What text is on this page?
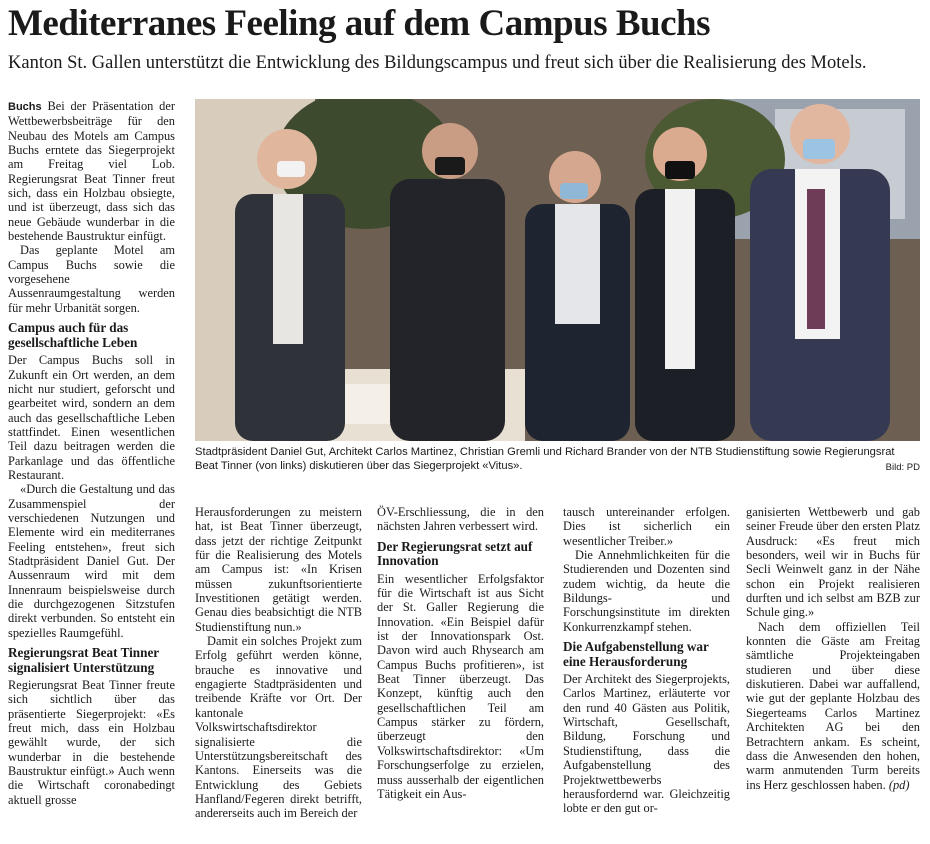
Mediterranes Feeling auf dem Campus Buchs
Kanton St. Gallen unterstützt die Entwicklung des Bildungscampus und freut sich über die Realisierung des Motels.

Buchs Bei der Präsentation der Wettbewerbsbeiträge für den Neubau des Motels am Campus Buchs erntete das Siegerprojekt am Freitag viel Lob. Regierungsrat Beat Tinner freut sich, dass ein Holzbau obsiegte, und ist überzeugt, dass sich das neue Gebäude wunderbar in die bestehende Baustruktur einfügt.

Das geplante Motel am Campus Buchs sowie die vorgesehene Aussenraumgestaltung werden für mehr Urbanität sorgen.

Campus auch für das gesellschaftliche Leben

Der Campus Buchs soll in Zukunft ein Ort werden, an dem nicht nur studiert, geforscht und gearbeitet wird, sondern an dem auch das gesellschaftliche Leben stattfindet. Einen wesentlichen Teil dazu beitragen werden die Parkanlage und das öffentliche Restaurant.

«Durch die Gestaltung und das Zusammenspiel der verschiedenen Nutzungen und Elemente wird ein mediterranes Feeling entstehen», freut sich Stadtpräsident Daniel Gut. Der Aussenraum wird mit dem Innenraum beispielsweise durch die durchgezogenen Sitzstufen direkt verbunden. So entsteht ein spezielles Raumgefühl.

Regierungsrat Beat Tinner signalisiert Unterstützung

Regierungsrat Beat Tinner freute sich sichtlich über das präsentierte Siegerprojekt: «Es freut mich, dass ein Holzbau gewählt wurde, der sich wunderbar in die bestehende Baustruktur einfügt.» Auch wenn die Wirtschaft coronabedingt aktuell grosse

Stadtpräsident Daniel Gut, Architekt Carlos Martinez, Christian Gremli und Richard Brander von der NTB Studienstiftung sowie Regierungsrat Beat Tinner (von links) diskutieren über das Siegerprojekt «Vitus».	Bild: PD

Herausforderungen zu meistern hat, ist Beat Tinner überzeugt, dass jetzt der richtige Zeitpunkt für die Realisierung des Motels am Campus ist: «In Krisen müssen zukunftsorientierte Investitionen getätigt werden. Genau dies beabsichtigt die NTB Studienstiftung nun.»

Damit ein solches Projekt zum Erfolg geführt werden könne, brauche es innovative und engagierte Stadtpräsidenten und treibende Kräfte vor Ort. Der kantonale Volkswirtschaftsdirektor signalisierte die Unterstützungsbereitschaft des Kantons. Einerseits was die Entwicklung des Gebiets Hanfland/Fegeren direkt betrifft, andererseits auch im Bereich der

ÖV-Erschliessung, die in den nächsten Jahren verbessert wird.

Der Regierungsrat setzt auf Innovation

Ein wesentlicher Erfolgsfaktor für die Wirtschaft ist aus Sicht der St. Galler Regierung die Innovation. «Ein Beispiel dafür ist der Innovationspark Ost. Davon wird auch Rhysearch am Campus Buchs profitieren», ist Beat Tinner überzeugt. Das Konzept, künftig auch den gesellschaftlichen Teil am Campus stärker zu fördern, überzeugt den Volkswirtschaftsdirektor: «Um Forschungserfolge zu erzielen, muss ausserhalb der eigentlichen Tätigkeit ein Aus-

tausch untereinander erfolgen. Dies ist sicherlich ein wesentlicher Treiber.»

Die Annehmlichkeiten für die Studierenden und Dozenten sind zudem wichtig, da heute die Bildungs- und Forschungsinstitute im direkten Konkurrenzkampf stehen.

Die Aufgabenstellung war eine Herausforderung

Der Architekt des Siegerprojekts, Carlos Martinez, erläuterte vor den rund 40 Gästen aus Politik, Wirtschaft, Gesellschaft, Bildung, Forschung und Studienstiftung, dass die Aufgabenstellung des Projektwettbewerbs herausfordernd war. Gleichzeitig lobte er den gut or-

ganisierten Wettbewerb und gab seiner Freude über den ersten Platz Ausdruck: «Es freut mich besonders, weil wir in Buchs für Secli Weinwelt ganz in der Nähe schon ein Projekt realisieren durften und ich selbst am BZB zur Schule ging.»

Nach dem offiziellen Teil konnten die Gäste am Freitag sämtliche Projekteingaben studieren und über diese diskutieren. Dabei war auffallend, wie gut der geplante Holzbau des Siegerteams Carlos Martinez Architekten AG bei den Betrachtern ankam. Es scheint, dass die Anwesenden den hohen, warm anmutenden Turm bereits ins Herz geschlossen haben. (pd)
